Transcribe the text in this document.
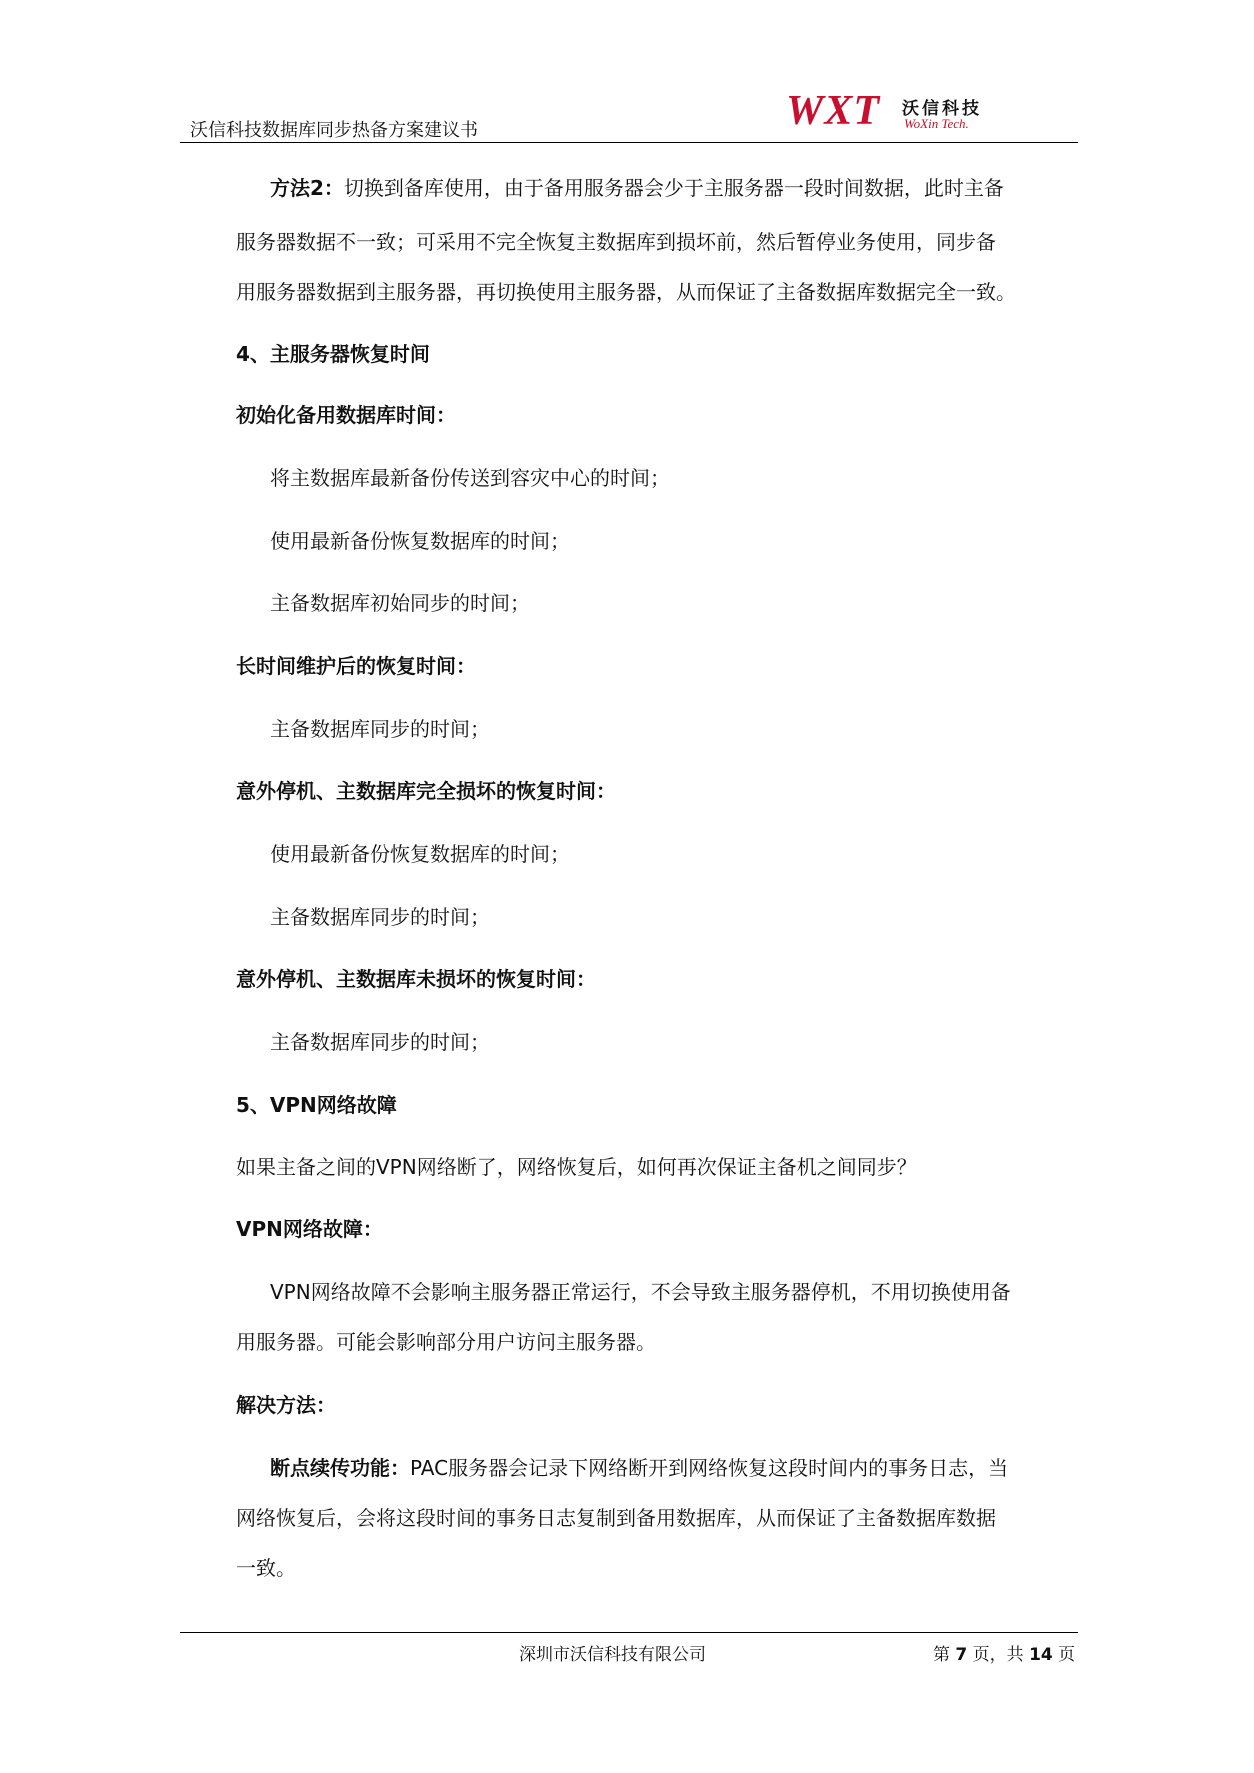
沃信科技数据库同步热备方案建议书	WXT 沃信科技
WoXin Tech.
方法2：切换到备库使用，由于备用服务器会少于主服务器一段时间数据，此时主备
服务器数据不一致；可采用不完全恢复主数据库到损坏前，然后暂停业务使用，同步备
用服务器数据到主服务器，再切换使用主服务器，从而保证了主备数据库数据完全一致。
4、主服务器恢复时间
初始化备用数据库时间：
将主数据库最新备份传送到容灾中心的时间；
使用最新备份恢复数据库的时间；
主备数据库初始同步的时间；
长时间维护后的恢复时间：
主备数据库同步的时间；
意外停机、主数据库完全损坏的恢复时间：
使用最新备份恢复数据库的时间；
主备数据库同步的时间；
意外停机、主数据库未损坏的恢复时间：
主备数据库同步的时间；
5、VPN网络故障
如果主备之间的VPN网络断了，网络恢复后，如何再次保证主备机之间同步？
VPN网络故障：
VPN网络故障不会影响主服务器正常运行，不会导致主服务器停机，不用切换使用备
用服务器。可能会影响部分用户访问主服务器。
解决方法：
断点续传功能：PAC服务器会记录下网络断开到网络恢复这段时间内的事务日志，当
网络恢复后，会将这段时间的事务日志复制到备用数据库，从而保证了主备数据库数据
一致。
深圳市沃信科技有限公司	第 7 页，共 14 页
